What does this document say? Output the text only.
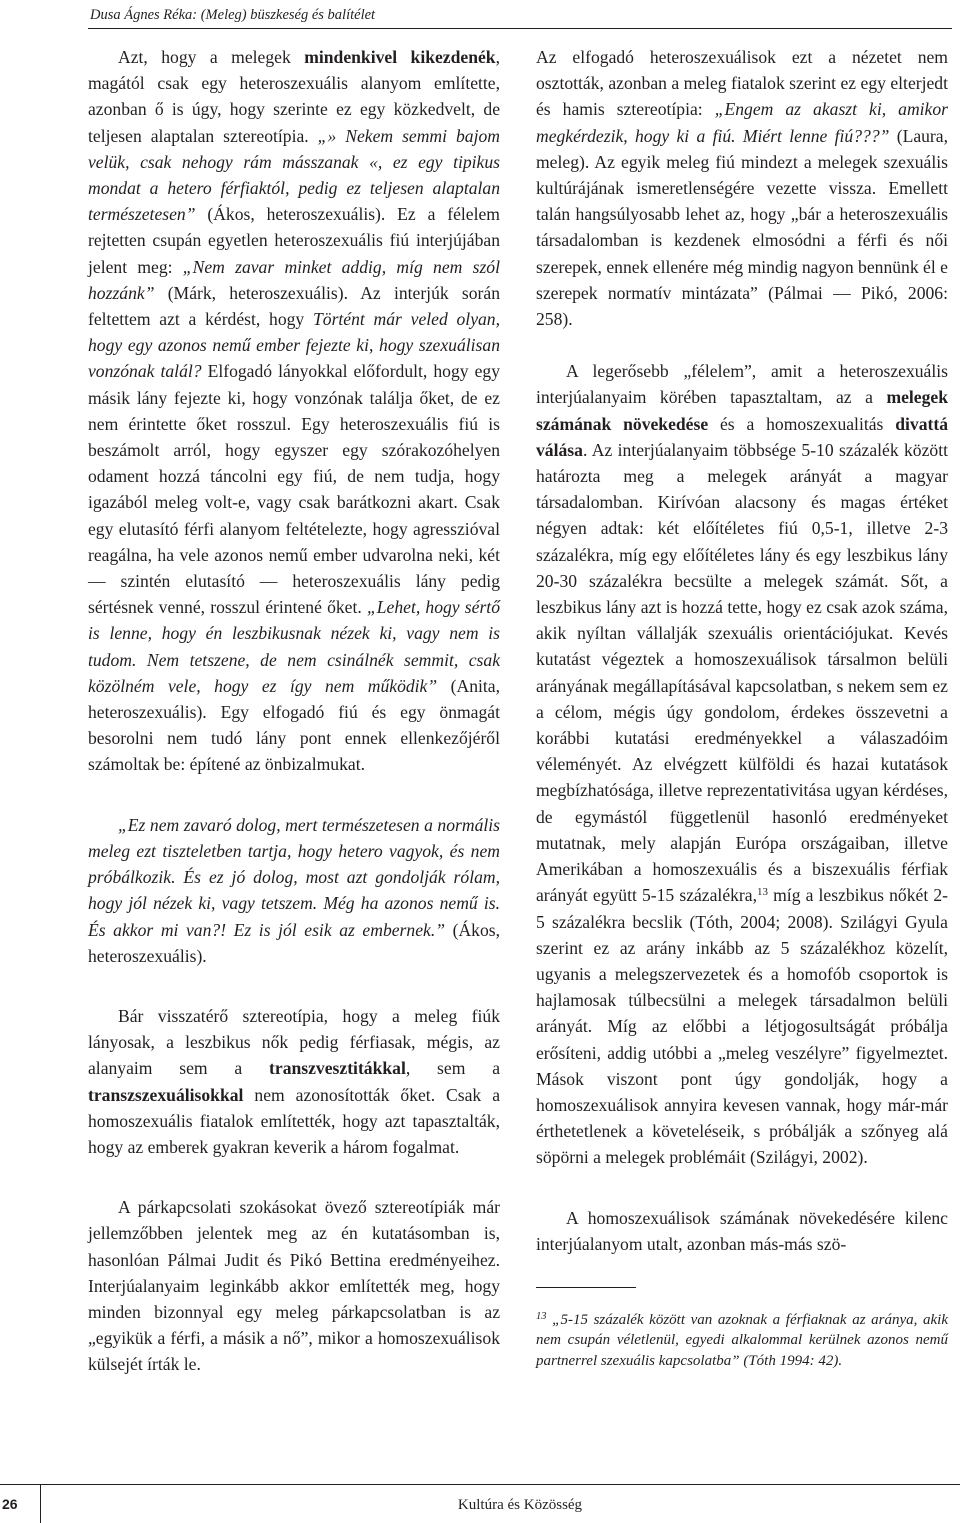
Dusa Ágnes Réka: (Meleg) büszkeség és balítélet

Azt, hogy a melegek mindenkivel kikezdenék, magától csak egy heteroszexuális alanyom említette, azonban ő is úgy, hogy szerinte ez egy közkedvelt, de teljesen alaptalan sztereotípia. „» Nekem semmi bajom velük, csak nehogy rám másszanak «, ez egy tipikus mondat a hetero férfiaktól, pedig ez teljesen alaptalan természetesen” (Ákos, heteroszexuális). Ez a félelem rejtetten csupán egyetlen heteroszexuális fiú interjújában jelent meg: „Nem zavar minket addig, míg nem szól hozzánk” (Márk, heteroszexuális). Az interjúk során feltettem azt a kérdést, hogy Történt már veled olyan, hogy egy azonos nemű ember fejezte ki, hogy szexuálisan vonzónak talál? Elfogadó lányokkal előfordult, hogy egy másik lány fejezte ki, hogy vonzónak találja őket, de ez nem érintette őket rosszul. Egy heteroszexuális fiú is beszámolt arról, hogy egyszer egy szórakozóhelyen odament hozzá táncolni egy fiú, de nem tudja, hogy igazából meleg volt-e, vagy csak barátkozni akart. Csak egy elutasító férfi alanyom feltételezte, hogy agresszióval reagálna, ha vele azonos nemű ember udvarolna neki, két — szintén elutasító — heteroszexuális lány pedig sértésnek venné, rosszul érintené őket. „Lehet, hogy sértő is lenne, hogy én leszbikusnak nézek ki, vagy nem is tudom. Nem tetszene, de nem csinálnék semmit, csak közölném vele, hogy ez így nem működik” (Anita, heteroszexuális). Egy elfogadó fiú és egy önmagát besorolni nem tudó lány pont ennek ellenkezőjéről számoltak be: építené az önbizalmukat.

„Ez nem zavaró dolog, mert természetesen a normális meleg ezt tiszteletben tartja, hogy hetero vagyok, és nem próbálkozik. És ez jó dolog, most azt gondolják rólam, hogy jól nézek ki, vagy tetszem. Még ha azonos nemű is. És akkor mi van?! Ez is jól esik az embernek.” (Ákos, heteroszexuális).

Bár visszatérő sztereotípia, hogy a meleg fiúk lányosak, a leszbikus nők pedig férfiasak, mégis, az alanyaim sem a transzvesztitákkal, sem a transzszexuálisokkal nem azonosították őket. Csak a homoszexuális fiatalok említették, hogy azt tapasztalták, hogy az emberek gyakran keverik a három fogalmat.

A párkapcsolati szokásokat övező sztereotípiák már jellemzőbben jelentek meg az én kutatásomban is, hasonlóan Pálmai Judit és Pikó Bettina eredményeihez. Interjúalanyaim leginkább akkor említették meg, hogy minden bizonnyal egy meleg párkapcsolatban is az „egyikük a férfi, a másik a nő”, mikor a homoszexuálisok külsejét írták le.

Az elfogadó heteroszexuálisok ezt a nézetet nem osztották, azonban a meleg fiatalok szerint ez egy elterjedt és hamis sztereotípia: „Engem az akaszt ki, amikor megkérdezik, hogy ki a fiú. Miért lenne fiú???” (Laura, meleg). Az egyik meleg fiú mindezt a melegek szexuális kultúrájának ismeretlenségére vezette vissza. Emellett talán hangsúlyosabb lehet az, hogy „bár a heteroszexuális társadalomban is kezdenek elmosódni a férfi és női szerepek, ennek ellenére még mindig nagyon bennünk él e szerepek normatív mintázata” (Pálmai — Pikó, 2006: 258).

A legerősebb „félelem”, amit a heteroszexuális interjúalanyaim körében tapasztaltam, az a melegek számának növekedése és a homoszexualitás divattá válása. Az interjúalanyaim többsége 5-10 százalék között határozta meg a melegek arányát a magyar társadalomban. Kirívóan alacsony és magas értéket négyen adtak: két előítéletes fiú 0,5-1, illetve 2-3 százalékra, míg egy előítéletes lány és egy leszbikus lány 20-30 százalékra becsülte a melegek számát. Sőt, a leszbikus lány azt is hozzá tette, hogy ez csak azok száma, akik nyíltan vállalják szexuális orientációjukat. Kevés kutatást végeztek a homoszexuálisok társalmon belüli arányának megállapításával kapcsolatban, s nekem sem ez a célom, mégis úgy gondolom, érdekes összevetni a korábbi kutatási eredményekkel a válaszadóim véleményét. Az elvégzett külföldi és hazai kutatások megbízhatósága, illetve reprezentativitása ugyan kérdéses, de egymástól függetlenül hasonló eredményeket mutatnak, mely alapján Európa országaiban, illetve Amerikában a homoszexuális és a biszexuális férfiak arányát együtt 5-15 százalékra,$^{13}$ míg a leszbikus nőkét 2-5 százalékra becslik (Tóth, 2004; 2008). Szilágyi Gyula szerint ez az arány inkább az 5 százalékhoz közelít, ugyanis a melegszervezetek és a homofób csoportok is hajlamosak túlbecsülni a melegek társadalmon belüli arányát. Míg az előbbi a létjogosultságát próbálja erősíteni, addig utóbbi a „meleg veszélyre” figyelmeztet. Mások viszont pont úgy gondolják, hogy a homoszexuálisok annyira kevesen vannak, hogy már-már érthetetlenek a követeléseik, s próbálják a szőnyeg alá söpörni a melegek problémáit (Szilágyi, 2002).

A homoszexuálisok számának növekedésére kilenc interjúalanyom utalt, azonban más-más szö-

$^{13}$ „5-15 százalék között van azoknak a férfiaknak az aránya, akik nem csupán véletlenül, egyedi alkalommal kerülnek azonos nemű partnerrel szexuális kapcsolatba” (Tóth 1994: 42).
26	Kultúra és Közösség
